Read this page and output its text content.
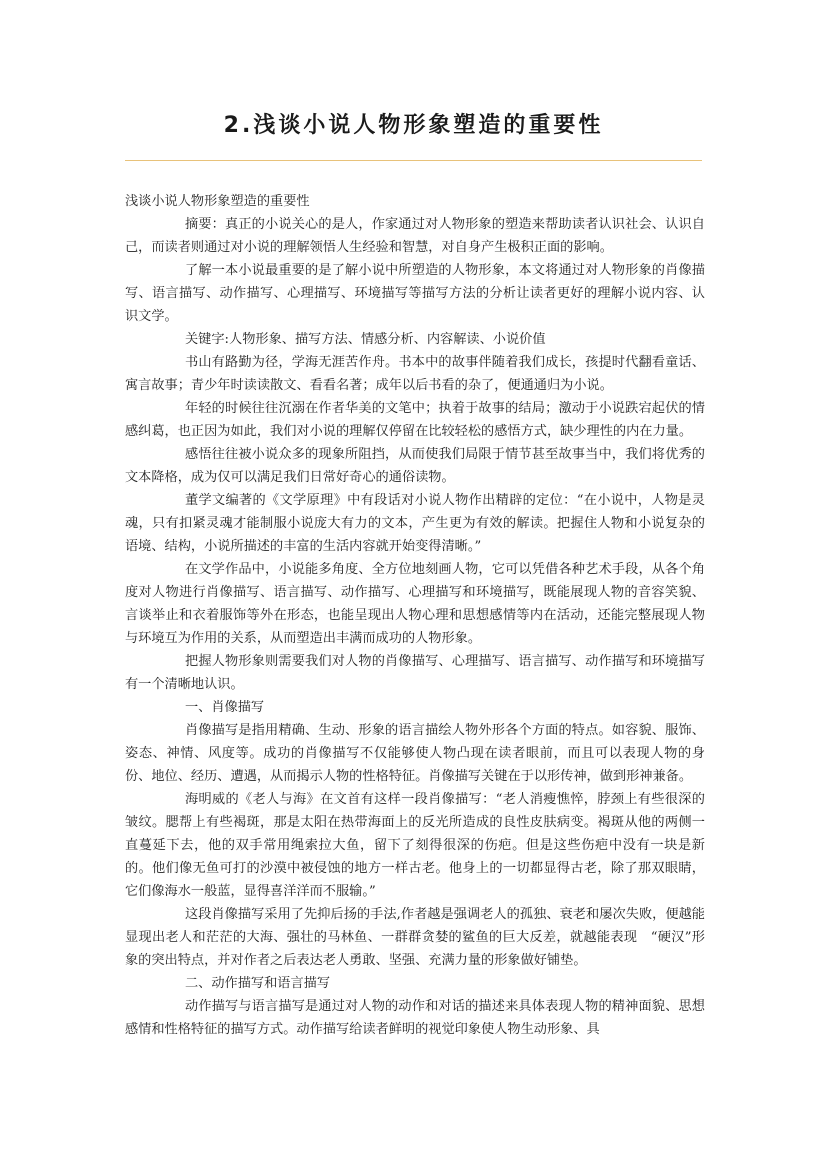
2.浅谈小说人物形象塑造的重要性

浅谈小说人物形象塑造的重要性

摘要：真正的小说关心的是人，作家通过对人物形象的塑造来帮助读者认识社会、认识自己，而读者则通过对小说的理解领悟人生经验和智慧，对自身产生极积正面的影响。

了解一本小说最重要的是了解小说中所塑造的人物形象，本文将通过对人物形象的肖像描写、语言描写、动作描写、心理描写、环境描写等描写方法的分析让读者更好的理解小说内容、认识文学。

关键字:人物形象、描写方法、情感分析、内容解读、小说价值

书山有路勤为径，学海无涯苦作舟。书本中的故事伴随着我们成长，孩提时代翻看童话、寓言故事；青少年时读读散文、看看名著；成年以后书看的杂了，便通通归为小说。

年轻的时候往往沉溺在作者华美的文笔中；执着于故事的结局；激动于小说跌宕起伏的情感纠葛，也正因为如此，我们对小说的理解仅停留在比较轻松的感悟方式，缺少理性的内在力量。

感悟往往被小说众多的现象所阻挡，从而使我们局限于情节甚至故事当中，我们将优秀的文本降格，成为仅可以满足我们日常好奇心的通俗读物。

董学文编著的《文学原理》中有段话对小说人物作出精辟的定位：“在小说中，人物是灵魂，只有扣紧灵魂才能制服小说庞大有力的文本，产生更为有效的解读。把握住人物和小说复杂的语境、结构，小说所描述的丰富的生活内容就开始变得清晰。”

在文学作品中，小说能多角度、全方位地刻画人物，它可以凭借各种艺术手段，从各个角度对人物进行肖像描写、语言描写、动作描写、心理描写和环境描写，既能展现人物的音容笑貌、言谈举止和衣着服饰等外在形态，也能呈现出人物心理和思想感情等内在活动，还能完整展现人物与环境互为作用的关系，从而塑造出丰满而成功的人物形象。

把握人物形象则需要我们对人物的肖像描写、心理描写、语言描写、动作描写和环境描写有一个清晰地认识。

一、肖像描写

肖像描写是指用精确、生动、形象的语言描绘人物外形各个方面的特点。如容貌、服饰、姿态、神情、风度等。成功的肖像描写不仅能够使人物凸现在读者眼前，而且可以表现人物的身份、地位、经历、遭遇，从而揭示人物的性格特征。肖像描写关键在于以形传神，做到形神兼备。

海明威的《老人与海》在文首有这样一段肖像描写：“老人消瘦憔悴，脖颈上有些很深的皱纹。腮帮上有些褐斑，那是太阳在热带海面上的反光所造成的良性皮肤病变。褐斑从他的两侧一直蔓延下去，他的双手常用绳索拉大鱼，留下了刻得很深的伤疤。但是这些伤疤中没有一块是新的。他们像无鱼可打的沙漠中被侵蚀的地方一样古老。他身上的一切都显得古老，除了那双眼睛，它们像海水一般蓝，显得喜洋洋而不服输。”

这段肖像描写采用了先抑后扬的手法,作者越是强调老人的孤独、衰老和屡次失败，便越能显现出老人和茫茫的大海、强壮的马林鱼、一群群贪婪的鲨鱼的巨大反差，就越能表现　“硬汉”形象的突出特点，并对作者之后表达老人勇敢、坚强、充满力量的形象做好铺垫。

二、动作描写和语言描写

动作描写与语言描写是通过对人物的动作和对话的描述来具体表现人物的精神面貌、思想感情和性格特征的描写方式。动作描写给读者鲜明的视觉印象使人物生动形象、具
